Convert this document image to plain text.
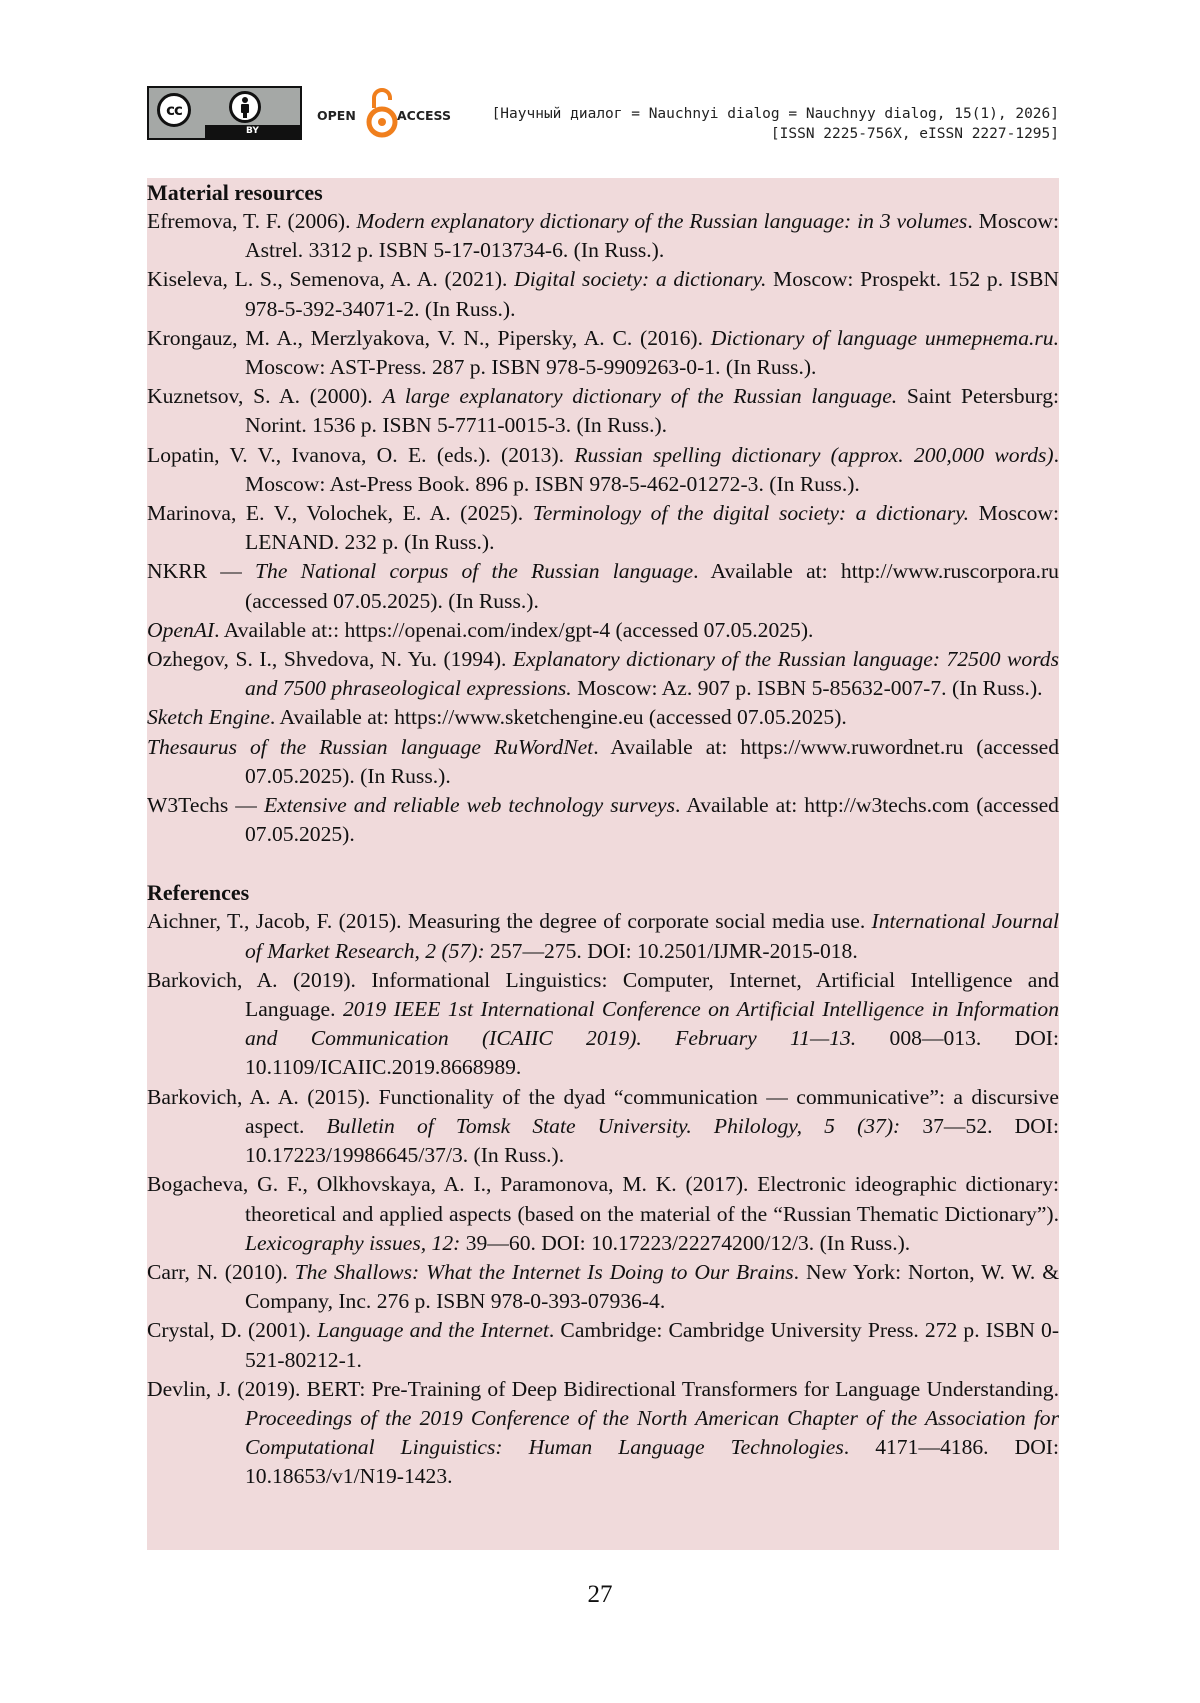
cc
BY
OPEN	ACCESS	[Научный диалог = Nauchnyi dialog = Nauchnyy dialog, 15(1), 2026]
[ISSN 2225-756X, eISSN 2227-1295]

Material resources

Efremova, T. F. (2006). Modern explanatory dictionary of the Russian language: in 3 volumes. Moscow: Astrel. 3312 p. ISBN 5-17-013734-6. (In Russ.).

Kiseleva, L. S., Semenova, A. A. (2021). Digital society: a dictionary. Moscow: Prospekt. 152 p. ISBN 978-5-392-34071-2. (In Russ.).

Krongauz, M. A., Merzlyakova, V. N., Pipersky, A. C. (2016). Dictionary of language интернета.ru. Moscow: AST-Press. 287 p. ISBN 978-5-9909263-0-1. (In Russ.).

Kuznetsov, S. A. (2000). A large explanatory dictionary of the Russian language. Saint Petersburg: Norint. 1536 p. ISBN 5-7711-0015-3. (In Russ.).

Lopatin, V. V., Ivanova, O. E. (eds.). (2013). Russian spelling dictionary (approx. 200,000 words). Moscow: Ast-Press Book. 896 p. ISBN 978-5-462-01272-3. (In Russ.).

Marinova, E. V., Volochek, E. A. (2025). Terminology of the digital society: a dictionary. Moscow: LENAND. 232 p. (In Russ.).

NKRR — The National corpus of the Russian language. Available at: http://www.ruscorpora.ru (accessed 07.05.2025). (In Russ.).

OpenAI. Available at:: https://openai.com/index/gpt-4 (accessed 07.05.2025).

Ozhegov, S. I., Shvedova, N. Yu. (1994). Explanatory dictionary of the Russian language: 72500 words and 7500 phraseological expressions. Moscow: Az. 907 p. ISBN 5-85632-007-7. (In Russ.).

Sketch Engine. Available at: https://www.sketchengine.eu (accessed 07.05.2025).

Thesaurus of the Russian language RuWordNet. Available at: https://www.ruwordnet.ru (accessed 07.05.2025). (In Russ.).

W3Techs — Extensive and reliable web technology surveys. Available at: http://w3techs.com (accessed 07.05.2025).

References

Aichner, T., Jacob, F. (2015). Measuring the degree of corporate social media use. International Journal of Market Research, 2 (57): 257—275. DOI: 10.2501/IJMR-2015-018.

Barkovich, A. (2019). Informational Linguistics: Computer, Internet, Artificial Intelligence and Language. 2019 IEEE 1st International Conference on Artificial Intelligence in Information and Communication (ICAIIC 2019). February 11—13. 008—013. DOI: 10.1109/ICAIIC.2019.8668989.

Barkovich, A. A. (2015). Functionality of the dyad “communication — communicative”: a discursive aspect. Bulletin of Tomsk State University. Philology, 5 (37): 37—52. DOI: 10.17223/19986645/37/3. (In Russ.).

Bogacheva, G. F., Olkhovskaya, A. I., Paramonova, M. K. (2017). Electronic ideographic dictionary: theoretical and applied aspects (based on the material of the “Russian Thematic Dictionary”). Lexicography issues, 12: 39—60. DOI: 10.17223/22274200/12/3. (In Russ.).

Carr, N. (2010). The Shallows: What the Internet Is Doing to Our Brains. New York: Norton, W. W. & Company, Inc. 276 p. ISBN 978-0-393-07936-4.

Crystal, D. (2001). Language and the Internet. Cambridge: Cambridge University Press. 272 p. ISBN 0-521-80212-1.

Devlin, J. (2019). BERT: Pre-Training of Deep Bidirectional Transformers for Language Understanding. Proceedings of the 2019 Conference of the North American Chapter of the Association for Computational Linguistics: Human Language Technologies. 4171—4186. DOI: 10.18653/v1/N19-1423.

27
